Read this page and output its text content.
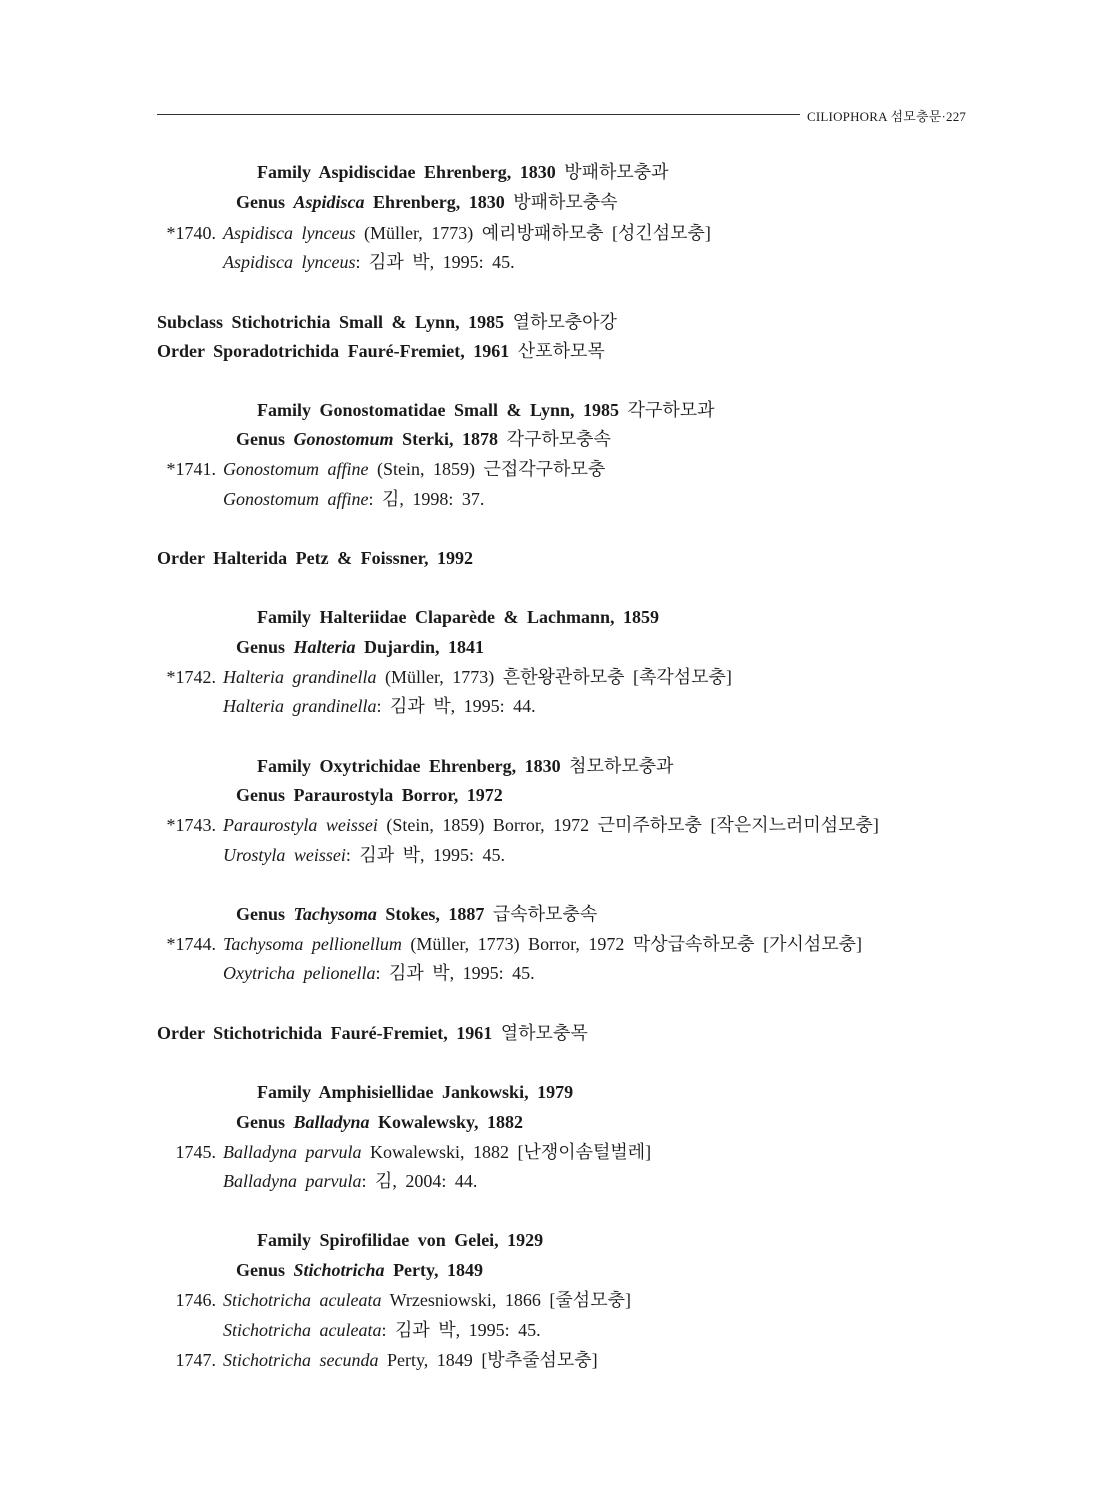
CILIOPHORA 섬모충문·227
Family Aspidiscidae Ehrenberg, 1830 방패하모충과
Genus Aspidisca Ehrenberg, 1830 방패하모충속
*1740. Aspidisca lynceus (Müller, 1773) 예리방패하모충 [성긴섬모충]
Aspidisca lynceus: 김과 박, 1995: 45.
Subclass Stichotrichia Small & Lynn, 1985 열하모충아강
Order Sporadotrichida Fauré-Fremiet, 1961 산포하모목
Family Gonostomatidae Small & Lynn, 1985 각구하모과
Genus Gonostomum Sterki, 1878 각구하모충속
*1741. Gonostomum affine (Stein, 1859) 근접각구하모충
Gonostomum affine: 김, 1998: 37.
Order Halterida Petz & Foissner, 1992
Family Halteriidae Claparède & Lachmann, 1859
Genus Halteria Dujardin, 1841
*1742. Halteria grandinella (Müller, 1773) 흔한왕관하모충 [촉각섬모충]
Halteria grandinella: 김과 박, 1995: 44.
Family Oxytrichidae Ehrenberg, 1830 첨모하모충과
Genus Paraurostyla Borror, 1972
*1743. Paraurostyla weissei (Stein, 1859) Borror, 1972 근미주하모충 [작은지느러미섬모충]
Urostyla weissei: 김과 박, 1995: 45.
Genus Tachysoma Stokes, 1887 급속하모충속
*1744. Tachysoma pellionellum (Müller, 1773) Borror, 1972 막상급속하모충 [가시섬모충]
Oxytricha pelionella: 김과 박, 1995: 45.
Order Stichotrichida Fauré-Fremiet, 1961 열하모충목
Family Amphisiellidae Jankowski, 1979
Genus Balladyna Kowalewsky, 1882
1745. Balladyna parvula Kowalewski, 1882 [난쟁이솜털벌레]
Balladyna parvula: 김, 2004: 44.
Family Spirofilidae von Gelei, 1929
Genus Stichotricha Perty, 1849
1746. Stichotricha aculeata Wrzesniowski, 1866 [줄섬모충]
Stichotricha aculeata: 김과 박, 1995: 45.
1747. Stichotricha secunda Perty, 1849 [방추줄섬모충]
